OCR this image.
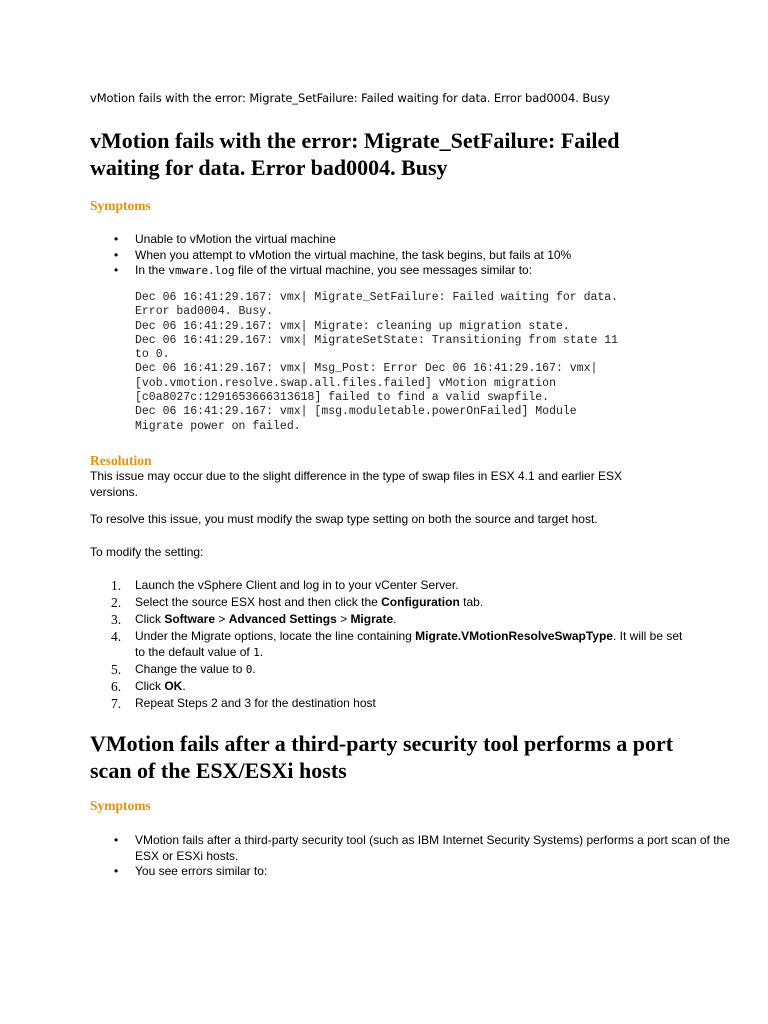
vMotion fails with the error: Migrate_SetFailure: Failed waiting for data. Error bad0004. Busy
vMotion fails with the error: Migrate_SetFailure: Failed waiting for data. Error bad0004. Busy
Symptoms
• Unable to vMotion the virtual machine
• When you attempt to vMotion the virtual machine, the task begins, but fails at 10%
• In the vmware.log file of the virtual machine, you see messages similar to:
Dec 06 16:41:29.167: vmx| Migrate_SetFailure: Failed waiting for data.
Error bad0004. Busy.
Dec 06 16:41:29.167: vmx| Migrate: cleaning up migration state.
Dec 06 16:41:29.167: vmx| MigrateSetState: Transitioning from state 11
to 0.
Dec 06 16:41:29.167: vmx| Msg_Post: Error Dec 06 16:41:29.167: vmx|
[vob.vmotion.resolve.swap.all.files.failed] vMotion migration
[c0a8027c:1291653666313618] failed to find a valid swapfile.
Dec 06 16:41:29.167: vmx| [msg.moduletable.powerOnFailed] Module
Migrate power on failed.
Resolution

This issue may occur due to the slight difference in the type of swap files in ESX 4.1 and earlier ESX versions.

To resolve this issue, you must modify the swap type setting on both the source and target host.

To modify the setting:

1. Launch the vSphere Client and log in to your vCenter Server.
2. Select the source ESX host and then click the Configuration tab.
3. Click Software > Advanced Settings > Migrate.
4. Under the Migrate options, locate the line containing Migrate.VMotionResolveSwapType. It will be set to the default value of 1.
5. Change the value to 0.
6. Click OK.
7. Repeat Steps 2 and 3 for the destination host
VMotion fails after a third-party security tool performs a port scan of the ESX/ESXi hosts
Symptoms
• VMotion fails after a third-party security tool (such as IBM Internet Security Systems) performs a port scan of the ESX or ESXi hosts.
• You see errors similar to:
